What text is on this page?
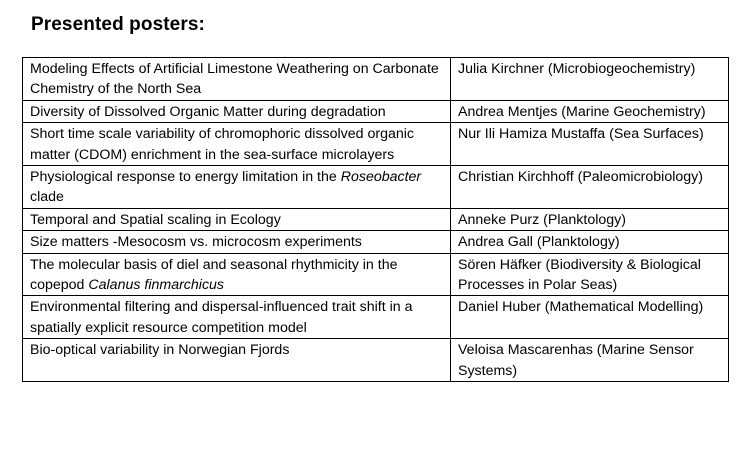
Presented posters:
Modeling Effects of Artificial Limestone Weathering on Carbonate Chemistry of the North Sea	Julia Kirchner (Microbiogeochemistry)
Diversity of Dissolved Organic Matter during degradation	Andrea Mentjes (Marine Geochemistry)
Short time scale variability of chromophoric dissolved organic matter (CDOM) enrichment in the sea-surface microlayers	Nur Ili Hamiza Mustaffa (Sea Surfaces)
Physiological response to energy limitation in the Roseobacter clade	Christian Kirchhoff (Paleomicrobiology)
Temporal and Spatial scaling in Ecology	Anneke Purz (Planktology)
Size matters -Mesocosm vs. microcosm experiments	Andrea Gall (Planktology)
The molecular basis of diel and seasonal rhythmicity in the copepod Calanus finmarchicus	Sören Häfker (Biodiversity & Biological Processes in Polar Seas)
Environmental filtering and dispersal-influenced trait shift in a spatially explicit resource competition model	Daniel Huber (Mathematical Modelling)
Bio-optical variability in Norwegian Fjords	Veloisa Mascarenhas (Marine Sensor Systems)
